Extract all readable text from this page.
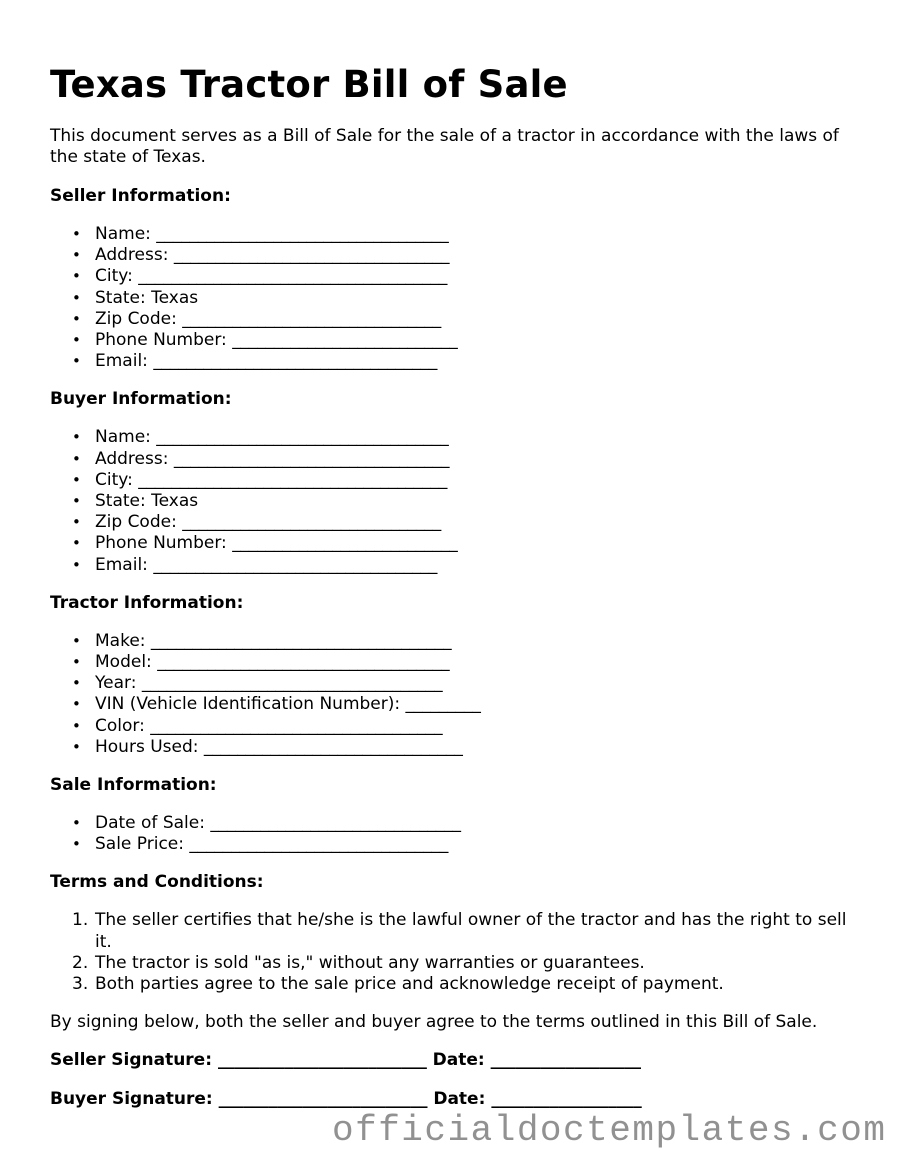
Texas Tractor Bill of Sale

This document serves as a Bill of Sale for the sale of a tractor in accordance with the laws of the state of Texas.

Seller Information:
• Name: ___________________________________
• Address: _________________________________
• City: _____________________________________
• State: Texas
• Zip Code: _______________________________
• Phone Number: ___________________________
• Email: __________________________________
Buyer Information:
• Name: ___________________________________
• Address: _________________________________
• City: _____________________________________
• State: Texas
• Zip Code: _______________________________
• Phone Number: ___________________________
• Email: __________________________________
Tractor Information:
• Make: ____________________________________
• Model: ___________________________________
• Year: ____________________________________
• VIN (Vehicle Identification Number): _________
• Color: ___________________________________
• Hours Used: _______________________________
Sale Information:
• Date of Sale: ______________________________
• Sale Price: _______________________________
Terms and Conditions:
1. The seller certifies that he/she is the lawful owner of the tractor and has the right to sell it.
2. The tractor is sold "as is," without any warranties or guarantees.
3. Both parties agree to the sale price and acknowledge receipt of payment.

By signing below, both the seller and buyer agree to the terms outlined in this Bill of Sale.

Seller Signature: _________________________ Date: __________________
Buyer Signature: _________________________ Date: __________________
officialdoctemplates.com
